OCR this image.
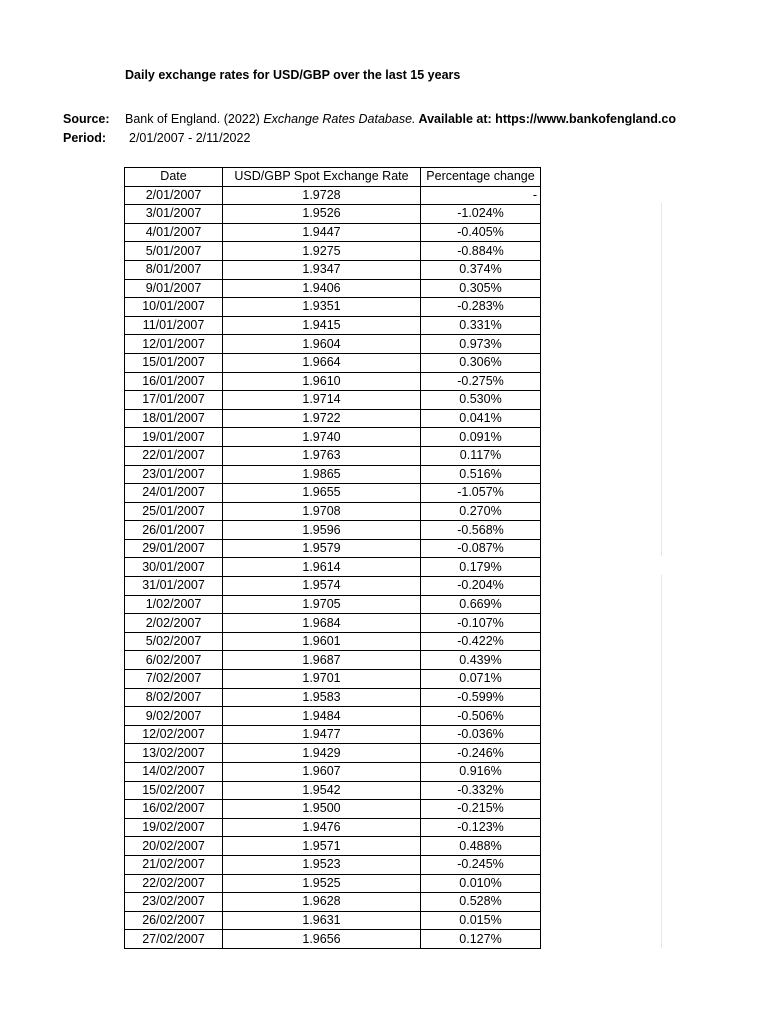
Daily exchange rates for USD/GBP over the last 15 years
Source: Bank of England. (2022) Exchange Rates Database. Available at: https://www.bankofengland.co
Period: 2/01/2007 - 2/11/2022
Date	USD/GBP Spot Exchange Rate	Percentage change
2/01/2007	1.9728	-
3/01/2007	1.9526	-1.024%
4/01/2007	1.9447	-0.405%
5/01/2007	1.9275	-0.884%
8/01/2007	1.9347	0.374%
9/01/2007	1.9406	0.305%
10/01/2007	1.9351	-0.283%
11/01/2007	1.9415	0.331%
12/01/2007	1.9604	0.973%
15/01/2007	1.9664	0.306%
16/01/2007	1.9610	-0.275%
17/01/2007	1.9714	0.530%
18/01/2007	1.9722	0.041%
19/01/2007	1.9740	0.091%
22/01/2007	1.9763	0.117%
23/01/2007	1.9865	0.516%
24/01/2007	1.9655	-1.057%
25/01/2007	1.9708	0.270%
26/01/2007	1.9596	-0.568%
29/01/2007	1.9579	-0.087%
30/01/2007	1.9614	0.179%
31/01/2007	1.9574	-0.204%
1/02/2007	1.9705	0.669%
2/02/2007	1.9684	-0.107%
5/02/2007	1.9601	-0.422%
6/02/2007	1.9687	0.439%
7/02/2007	1.9701	0.071%
8/02/2007	1.9583	-0.599%
9/02/2007	1.9484	-0.506%
12/02/2007	1.9477	-0.036%
13/02/2007	1.9429	-0.246%
14/02/2007	1.9607	0.916%
15/02/2007	1.9542	-0.332%
16/02/2007	1.9500	-0.215%
19/02/2007	1.9476	-0.123%
20/02/2007	1.9571	0.488%
21/02/2007	1.9523	-0.245%
22/02/2007	1.9525	0.010%
23/02/2007	1.9628	0.528%
26/02/2007	1.9631	0.015%
27/02/2007	1.9656	0.127%
